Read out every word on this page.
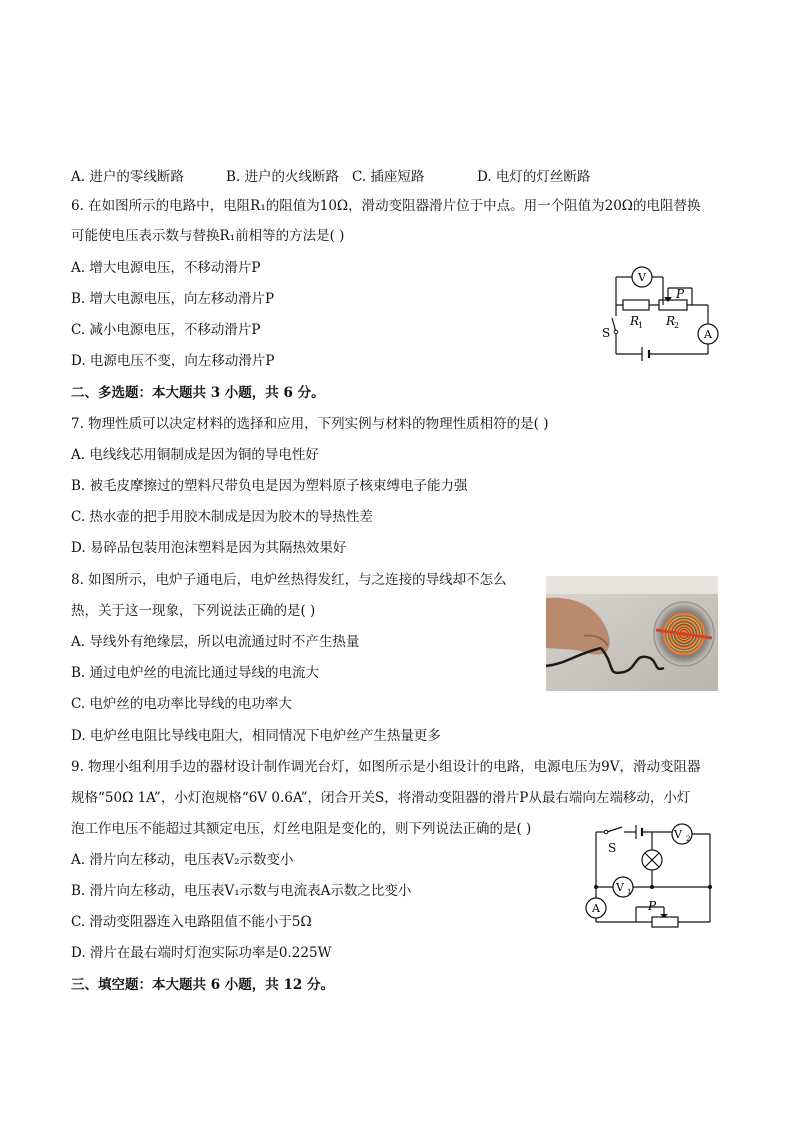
A. 进户的零线断路	B. 进户的火线断路 C. 插座短路	D. 电灯的灯丝断路
6. 在如图所示的电路中，电阻R₁的阻值为10Ω，滑动变阻器滑片位于中点。用一个阻值为20Ω的电阻替换
可能使电压表示数与替换R₁前相等的方法是( )
A. 增大电源电压，不移动滑片P
B. 增大电源电压，向左移动滑片P
C. 减小电源电压，不移动滑片P
D. 电源电压不变，向左移动滑片P
V
P
R
1 R
2
S	A
二、多选题：本大题共 3 小题，共 6 分。
7. 物理性质可以决定材料的选择和应用，下列实例与材料的物理性质相符的是( )
A. 电线线芯用铜制成是因为铜的导电性好
B. 被毛皮摩擦过的塑料尺带负电是因为塑料原子核束缚电子能力强
C. 热水壶的把手用胶木制成是因为胶木的导热性差
D. 易碎品包装用泡沫塑料是因为其隔热效果好
8. 如图所示，电炉子通电后，电炉丝热得发红，与之连接的导线却不怎么
热，关于这一现象，下列说法正确的是( )
A. 导线外有绝缘层，所以电流通过时不产生热量
B. 通过电炉丝的电流比通过导线的电流大
C. 电炉丝的电功率比导线的电功率大
D. 电炉丝电阻比导线电阻大，相同情况下电炉丝产生热量更多
9. 物理小组利用手边的器材设计制作调光台灯，如图所示是小组设计的电路，电源电压为9V，滑动变阻器
规格“50Ω 1A”，小灯泡规格“6V 0.6A”，闭合开关S，将滑动变阻器的滑片P从最右端向左端移动，小灯
泡工作电压不能超过其额定电压，灯丝电阻是变化的，则下列说法正确的是( )
A. 滑片向左移动，电压表V₂示数变小
B. 滑片向左移动，电压表V₁示数与电流表A示数之比变小
C. 滑动变阻器连入电路阻值不能小于5Ω
D. 滑片在最右端时灯泡实际功率是0.225W
S
V 2
V 1
A	P
三、填空题：本大题共 6 小题，共 12 分。
